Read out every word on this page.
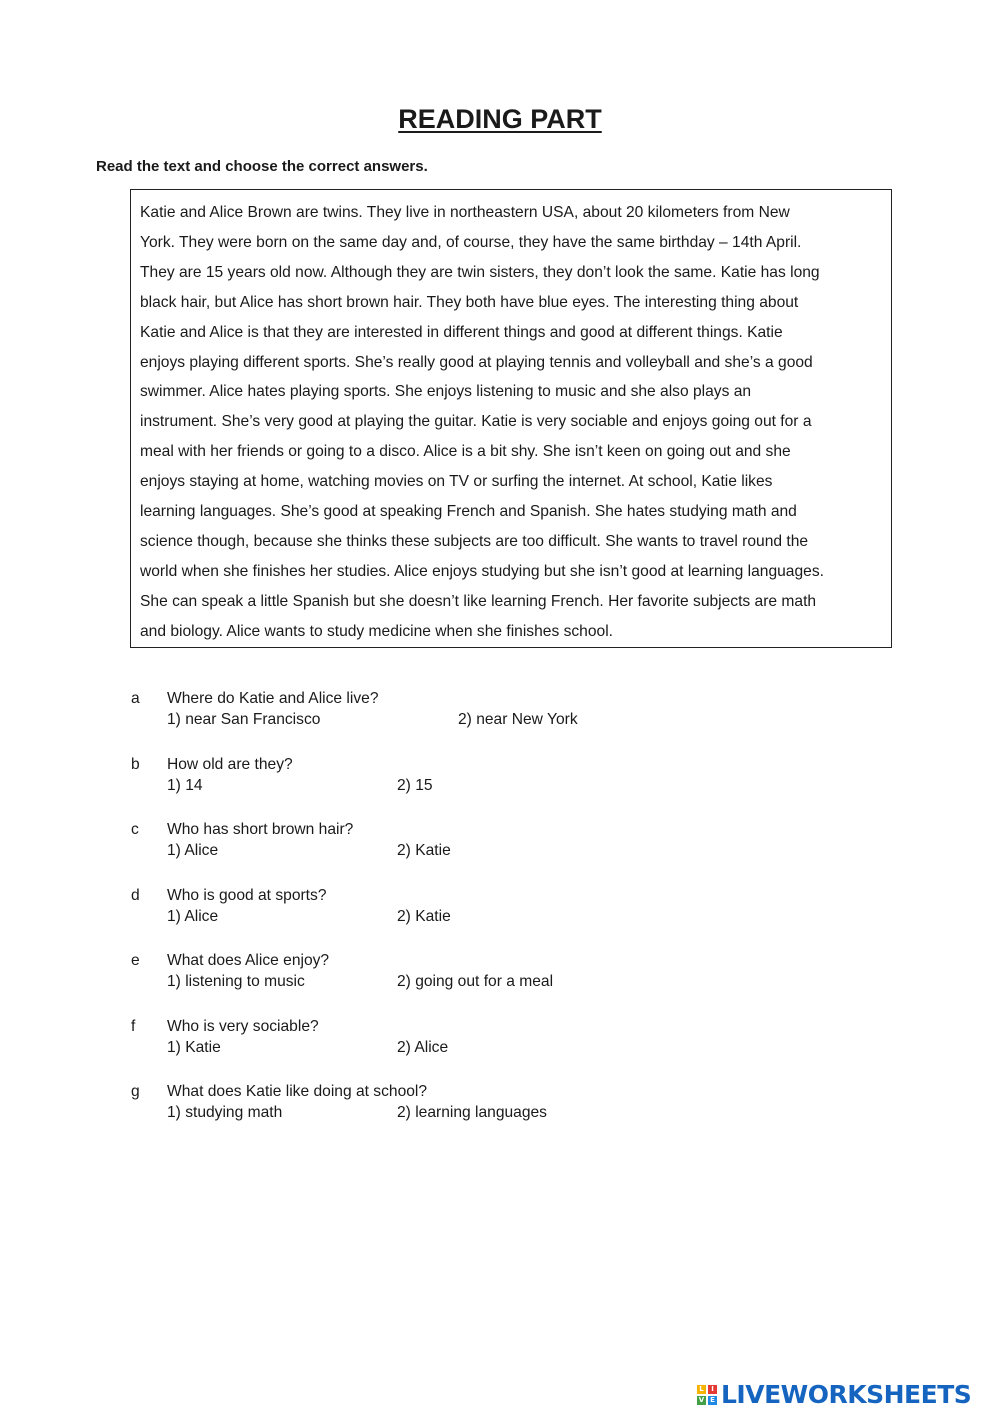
READING PART

Read the text and choose the correct answers.

Katie and Alice Brown are twins. They live in northeastern USA, about 20 kilometers from New
York. They were born on the same day and, of course, they have the same birthday – 14th April.
They are 15 years old now. Although they are twin sisters, they don’t look the same. Katie has long
black hair, but Alice has short brown hair. They both have blue eyes. The interesting thing about
Katie and Alice is that they are interested in different things and good at different things. Katie
enjoys playing different sports. She’s really good at playing tennis and volleyball and she’s a good
swimmer. Alice hates playing sports. She enjoys listening to music and she also plays an
instrument. She’s very good at playing the guitar. Katie is very sociable and enjoys going out for a
meal with her friends or going to a disco. Alice is a bit shy. She isn’t keen on going out and she
enjoys staying at home, watching movies on TV or surfing the internet. At school, Katie likes
learning languages. She’s good at speaking French and Spanish. She hates studying math and
science though, because she thinks these subjects are too difficult. She wants to travel round the
world when she finishes her studies. Alice enjoys studying but she isn’t good at learning languages.
She can speak a little Spanish but she doesn’t like learning French. Her favorite subjects are math
and biology. Alice wants to study medicine when she finishes school.

a Where do Katie and Alice live?
1) near San Francisco	2) near New York
b How old are they?
1) 14	2) 15
c Who has short brown hair?
1) Alice	2) Katie
d Who is good at sports?
1) Alice	2) Katie
e What does Alice enjoy?
1) listening to music	2) going out for a meal
f Who is very sociable?
1) Katie	2) Alice
g What does Katie like doing at school?
1) studying math	2) learning languages
L	I
V E LIVEWORKSHEETS
